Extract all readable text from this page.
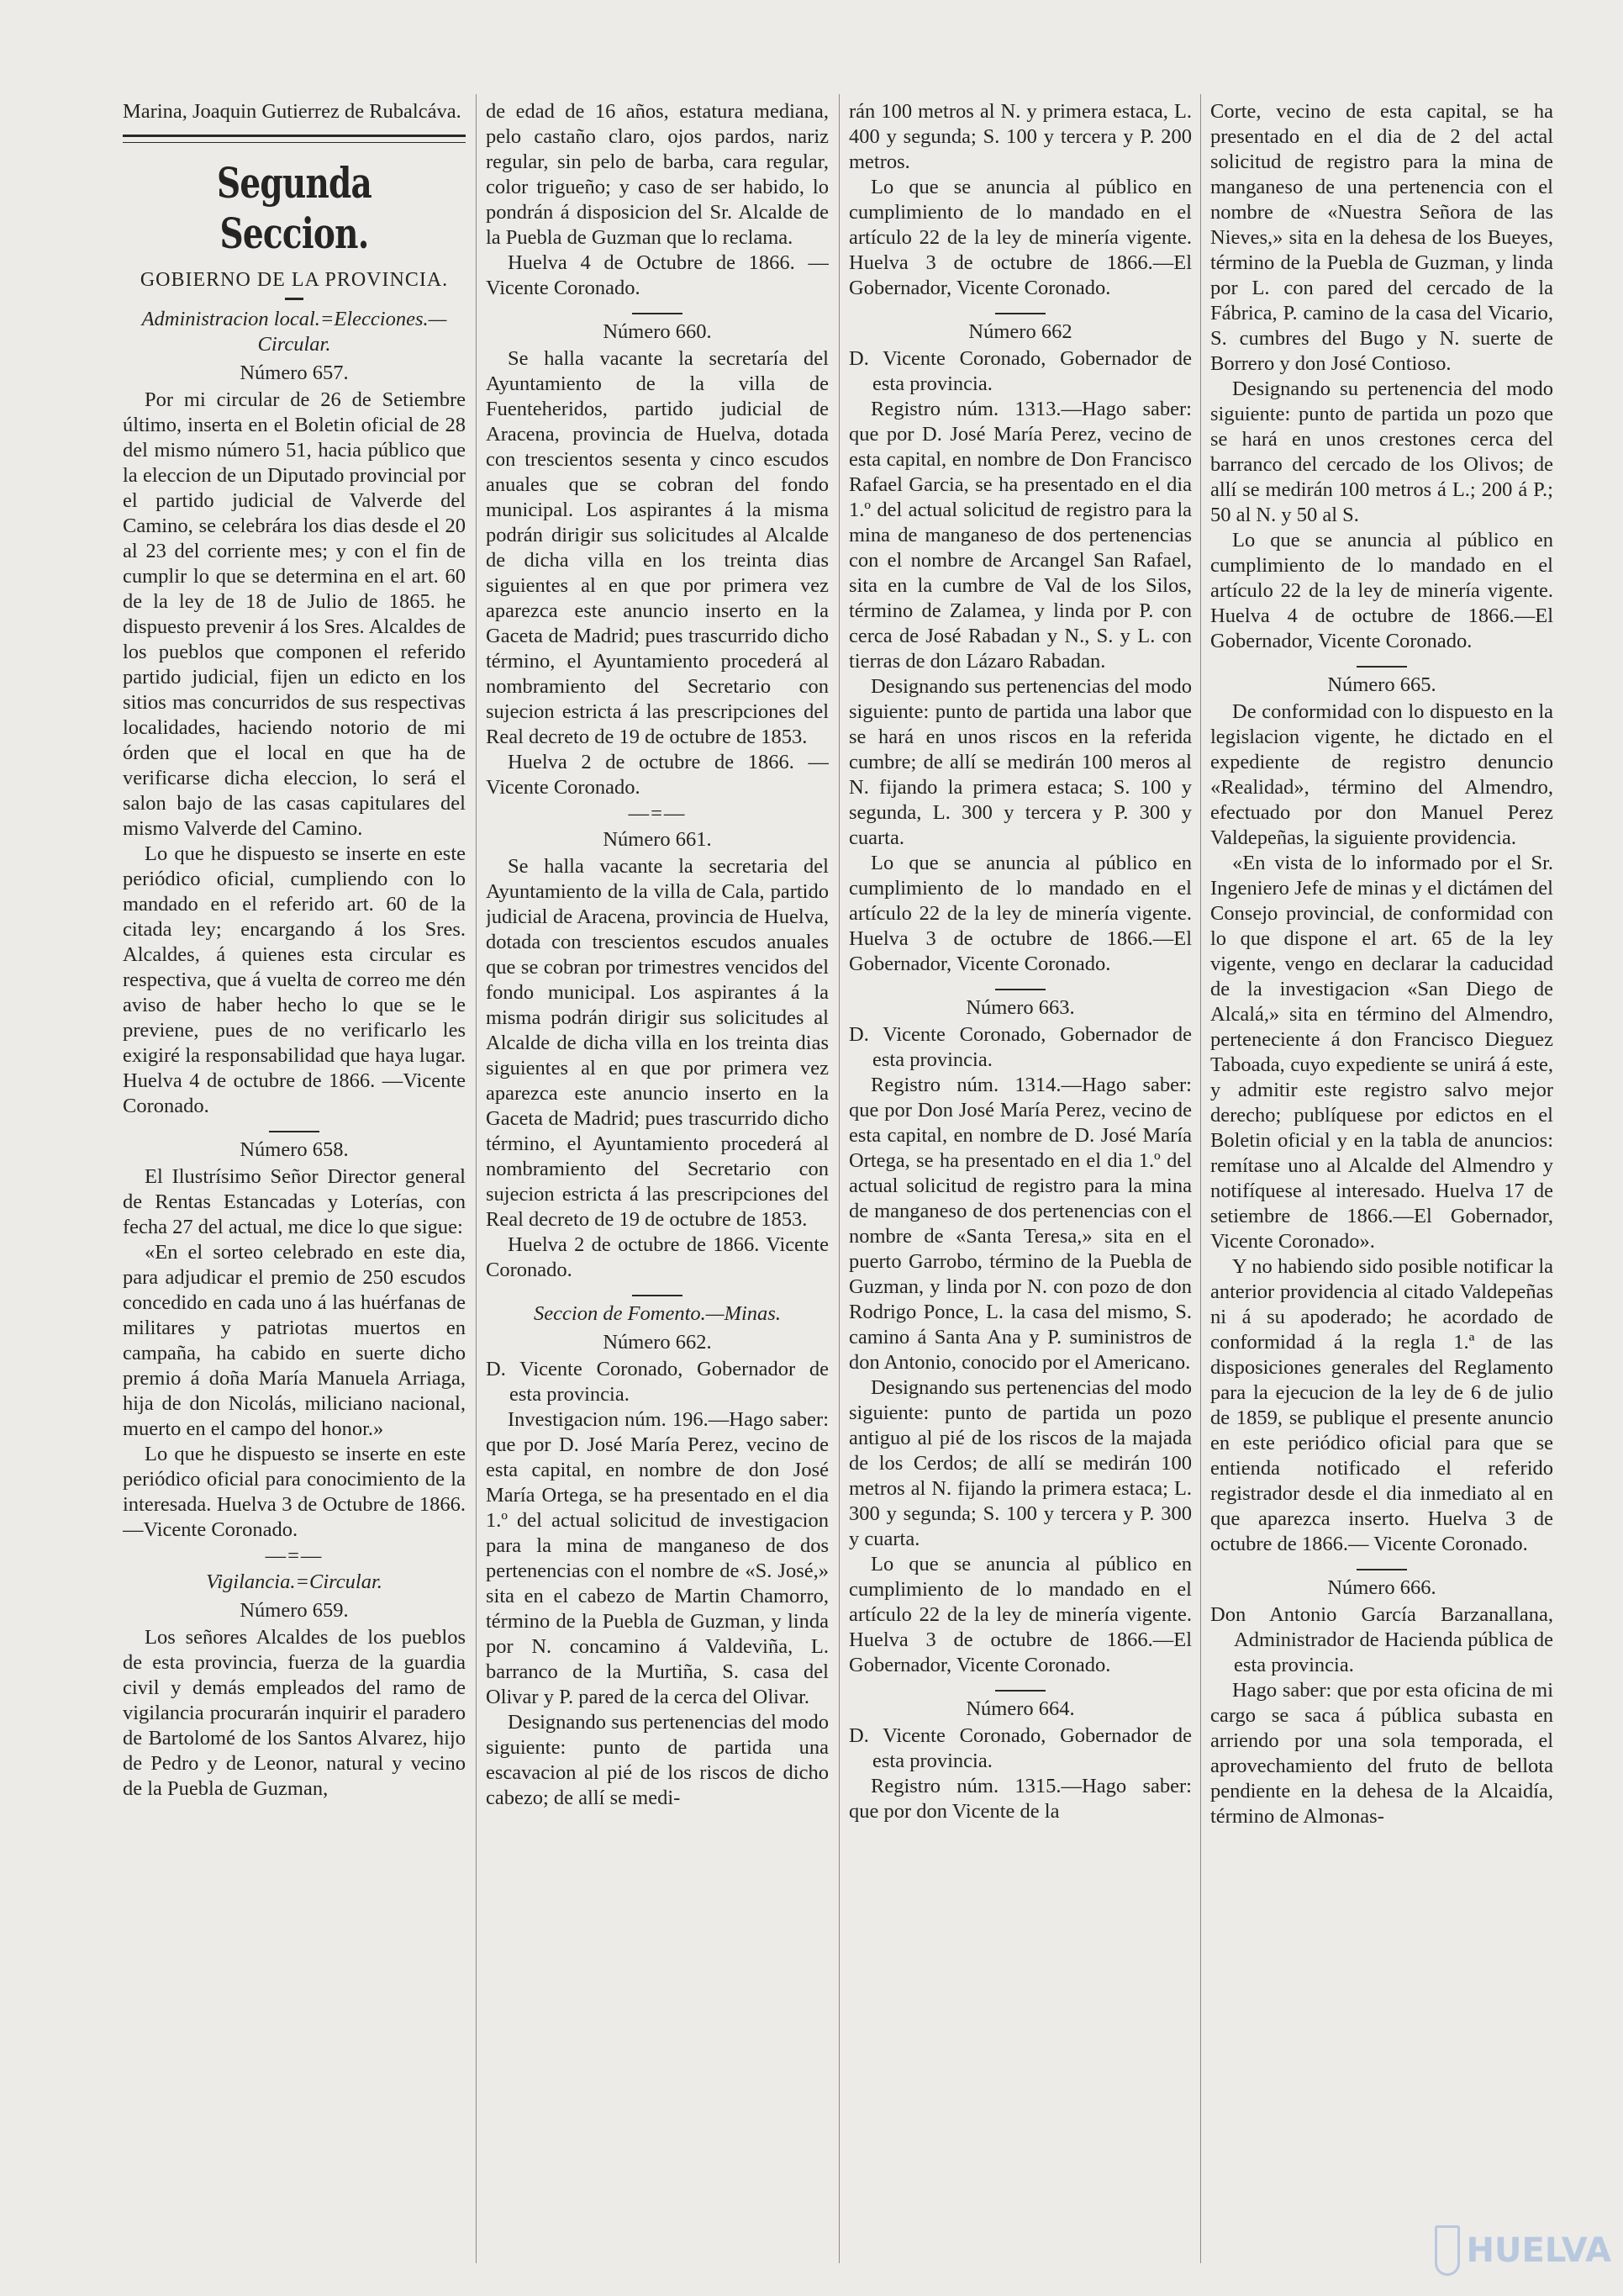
Marina, Joaquin Gutierrez de Rubalcáva.

Segunda Seccion.
GOBIERNO DE LA PROVINCIA.
Administracion local.=Elecciones.—Circular.
Número 657.

Por mi circular de 26 de Setiembre último, inserta en el Boletin oficial de 28 del mismo número 51, hacia público que la eleccion de un Diputado provincial por el partido judicial de Valverde del Camino, se celebrára los dias desde el 20 al 23 del corriente mes; y con el fin de cumplir lo que se determina en el art. 60 de la ley de 18 de Julio de 1865. he dispuesto prevenir á los Sres. Alcaldes de los pueblos que componen el referido partido judicial, fijen un edicto en los sitios mas concurridos de sus respectivas localidades, haciendo notorio de mi órden que el local en que ha de verificarse dicha eleccion, lo será el salon bajo de las casas capitulares del mismo Valverde del Camino.

Lo que he dispuesto se inserte en este periódico oficial, cumpliendo con lo mandado en el referido art. 60 de la citada ley; encargando á los Sres. Alcaldes, á quienes esta circular es respectiva, que á vuelta de correo me dén aviso de haber hecho lo que se le previene, pues de no verificarlo les exigiré la responsabilidad que haya lugar. Huelva 4 de octubre de 1866. —Vicente Coronado.

Número 658.

El Ilustrísimo Señor Director general de Rentas Estancadas y Loterías, con fecha 27 del actual, me dice lo que sigue:

«En el sorteo celebrado en este dia, para adjudicar el premio de 250 escudos concedido en cada uno á las huérfanas de militares y patriotas muertos en campaña, ha cabido en suerte dicho premio á doña María Manuela Arriaga, hija de don Nicolás, miliciano nacional, muerto en el campo del honor.»

Lo que he dispuesto se inserte en este periódico oficial para conocimiento de la interesada. Huelva 3 de Octubre de 1866.—Vicente Coronado.

—=—
Vigilancia.=Circular.
Número 659.

Los señores Alcaldes de los pueblos de esta provincia, fuerza de la guardia civil y demás empleados del ramo de vigilancia procurarán inquirir el paradero de Bartolomé de los Santos Alvarez, hijo de Pedro y de Leonor, natural y vecino de la Puebla de Guzman,

de edad de 16 años, estatura mediana, pelo castaño claro, ojos pardos, nariz regular, sin pelo de barba, cara regular, color trigueño; y caso de ser habido, lo pondrán á disposicion del Sr. Alcalde de la Puebla de Guzman que lo reclama.

Huelva 4 de Octubre de 1866. —Vicente Coronado.

Número 660.

Se halla vacante la secretaría del Ayuntamiento de la villa de Fuenteheridos, partido judicial de Aracena, provincia de Huelva, dotada con trescientos sesenta y cinco escudos anuales que se cobran del fondo municipal. Los aspirantes á la misma podrán dirigir sus solicitudes al Alcalde de dicha villa en los treinta dias siguientes al en que por primera vez aparezca este anuncio inserto en la Gaceta de Madrid; pues trascurrido dicho término, el Ayuntamiento procederá al nombramiento del Secretario con sujecion estricta á las prescripciones del Real decreto de 19 de octubre de 1853.

Huelva 2 de octubre de 1866. —Vicente Coronado.

—=—
Número 661.

Se halla vacante la secretaria del Ayuntamiento de la villa de Cala, partido judicial de Aracena, provincia de Huelva, dotada con trescientos escudos anuales que se cobran por trimestres vencidos del fondo municipal. Los aspirantes á la misma podrán dirigir sus solicitudes al Alcalde de dicha villa en los treinta dias siguientes al en que por primera vez aparezca este anuncio inserto en la Gaceta de Madrid; pues trascurrido dicho término, el Ayuntamiento procederá al nombramiento del Secretario con sujecion estricta á las prescripciones del Real decreto de 19 de octubre de 1853.

Huelva 2 de octubre de 1866. Vicente Coronado.

Seccion de Fomento.—Minas.
Número 662.

D. Vicente Coronado, Gobernador de esta provincia.

Investigacion núm. 196.—Hago saber: que por D. José María Perez, vecino de esta capital, en nombre de don José María Ortega, se ha presentado en el dia 1.º del actual solicitud de investigacion para la mina de manganeso de dos pertenencias con el nombre de «S. José,» sita en el cabezo de Martin Chamorro, término de la Puebla de Guzman, y linda por N. concamino á Valdeviña, L. barranco de la Murtiña, S. casa del Olivar y P. pared de la cerca del Olivar.

Designando sus pertenencias del modo siguiente: punto de partida una escavacion al pié de los riscos de dicho cabezo; de allí se medi-

rán 100 metros al N. y primera estaca, L. 400 y segunda; S. 100 y tercera y P. 200 metros.

Lo que se anuncia al público en cumplimiento de lo mandado en el artículo 22 de la ley de minería vigente. Huelva 3 de octubre de 1866.—El Gobernador, Vicente Coronado.

Número 662

D. Vicente Coronado, Gobernador de esta provincia.

Registro núm. 1313.—Hago saber: que por D. José María Perez, vecino de esta capital, en nombre de Don Francisco Rafael Garcia, se ha presentado en el dia 1.º del actual solicitud de registro para la mina de manganeso de dos pertenencias con el nombre de Arcangel San Rafael, sita en la cumbre de Val de los Silos, término de Zalamea, y linda por P. con cerca de José Rabadan y N., S. y L. con tierras de don Lázaro Rabadan.

Designando sus pertenencias del modo siguiente: punto de partida una labor que se hará en unos riscos en la referida cumbre; de allí se medirán 100 meros al N. fijando la primera estaca; S. 100 y segunda, L. 300 y tercera y P. 300 y cuarta.

Lo que se anuncia al público en cumplimiento de lo mandado en el artículo 22 de la ley de minería vigente. Huelva 3 de octubre de 1866.—El Gobernador, Vicente Coronado.

Número 663.

D. Vicente Coronado, Gobernador de esta provincia.

Registro núm. 1314.—Hago saber: que por Don José María Perez, vecino de esta capital, en nombre de D. José María Ortega, se ha presentado en el dia 1.º del actual solicitud de registro para la mina de manganeso de dos pertenencias con el nombre de «Santa Teresa,» sita en el puerto Garrobo, término de la Puebla de Guzman, y linda por N. con pozo de don Rodrigo Ponce, L. la casa del mismo, S. camino á Santa Ana y P. suministros de don Antonio, conocido por el Americano.

Designando sus pertenencias del modo siguiente: punto de partida un pozo antiguo al pié de los riscos de la majada de los Cerdos; de allí se medirán 100 metros al N. fijando la primera estaca; L. 300 y segunda; S. 100 y tercera y P. 300 y cuarta.

Lo que se anuncia al público en cumplimiento de lo mandado en el artículo 22 de la ley de minería vigente. Huelva 3 de octubre de 1866.—El Gobernador, Vicente Coronado.

Número 664.

D. Vicente Coronado, Gobernador de esta provincia.

Registro núm. 1315.—Hago saber: que por don Vicente de la

Corte, vecino de esta capital, se ha presentado en el dia de 2 del actal solicitud de registro para la mina de manganeso de una pertenencia con el nombre de «Nuestra Señora de las Nieves,» sita en la dehesa de los Bueyes, término de la Puebla de Guzman, y linda por L. con pared del cercado de la Fábrica, P. camino de la casa del Vicario, S. cumbres del Bugo y N. suerte de Borrero y don José Contioso.

Designando su pertenencia del modo siguiente: punto de partida un pozo que se hará en unos crestones cerca del barranco del cercado de los Olivos; de allí se medirán 100 metros á L.; 200 á P.; 50 al N. y 50 al S.

Lo que se anuncia al público en cumplimiento de lo mandado en el artículo 22 de la ley de minería vigente. Huelva 4 de octubre de 1866.—El Gobernador, Vicente Coronado.

Número 665.

De conformidad con lo dispuesto en la legislacion vigente, he dictado en el expediente de registro denuncio «Realidad», término del Almendro, efectuado por don Manuel Perez Valdepeñas, la siguiente providencia.

«En vista de lo informado por el Sr. Ingeniero Jefe de minas y el dictámen del Consejo provincial, de conformidad con lo que dispone el art. 65 de la ley vigente, vengo en declarar la caducidad de la investigacion «San Diego de Alcalá,» sita en término del Almendro, perteneciente á don Francisco Dieguez Taboada, cuyo expediente se unirá á este, y admitir este registro salvo mejor derecho; publíquese por edictos en el Boletin oficial y en la tabla de anuncios: remítase uno al Alcalde del Almendro y notifíquese al interesado. Huelva 17 de setiembre de 1866.—El Gobernador, Vicente Coronado».

Y no habiendo sido posible notificar la anterior providencia al citado Valdepeñas ni á su apoderado; he acordado de conformidad á la regla 1.ª de las disposiciones generales del Reglamento para la ejecucion de la ley de 6 de julio de 1859, se publique el presente anuncio en este periódico oficial para que se entienda notificado el referido registrador desde el dia inmediato al en que aparezca inserto. Huelva 3 de octubre de 1866.— Vicente Coronado.

Número 666.

Don Antonio García Barzanallana, Administrador de Hacienda pública de esta provincia.

Hago saber: que por esta oficina de mi cargo se saca á pública subasta en arriendo por una sola temporada, el aprovechamiento del fruto de bellota pendiente en la dehesa de la Alcaidía, término de Almonas-

HUELVA
